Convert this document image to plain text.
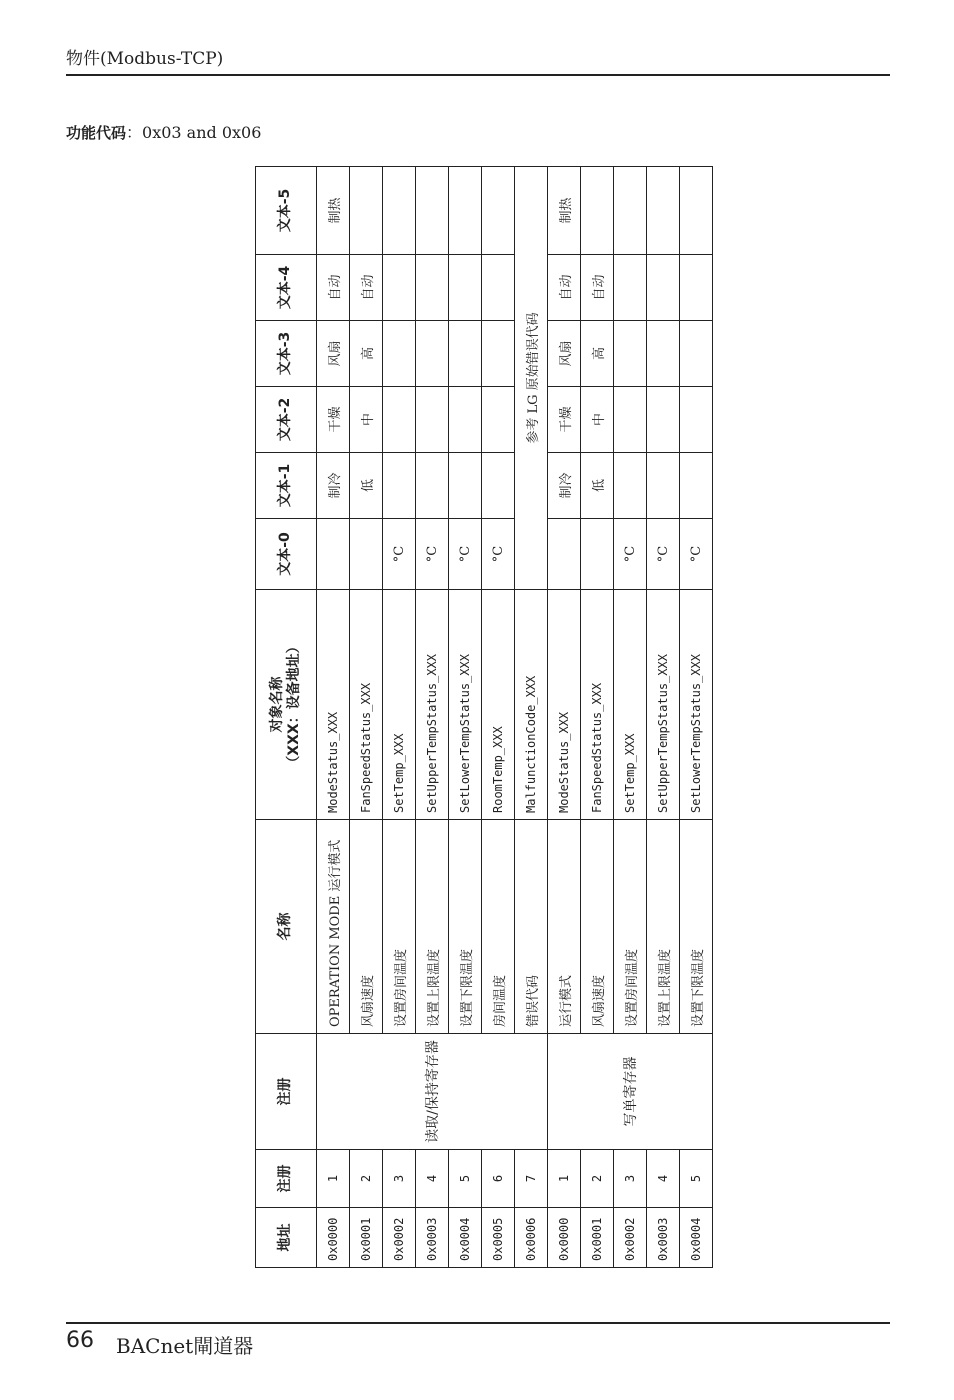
物件(Modbus-TCP)
功能代码：0x03 and 0x06
地址	注册	注册	名称	对象名称 （XXX：设备地址）	文本-0	文本-1	文本-2	文本-3	文本-4	文本-5
0x0000	1	读取/保持寄存器	OPERATION MODE 运行模式	ModeStatus_XXX		制冷	干燥	风扇	自动	制热
0x0001	2		风扇速度	FanSpeedStatus_XXX		低	中	高	自动	
0x0002	3		设置房间温度	SetTemp_XXX	°C					
0x0003	4		设置上限温度	SetUpperTempStatus_XXX	°C					
0x0004	5		设置下限温度	SetLowerTempStatus_XXX	°C					
0x0005	6		房间温度	RoomTemp_XXX	°C					
0x0006	7		错误代码	MalfunctionCode_XXX	参考 LG 原始错误代码					
0x0000	1	写单寄存器	运行模式	ModeStatus_XXX		制冷	干燥	风扇	自动	制热
0x0001	2		风扇速度	FanSpeedStatus_XXX		低	中	高	自动	
0x0002	3		设置房间温度	SetTemp_XXX	°C					
0x0003	4		设置上限温度	SetUpperTempStatus_XXX	°C					
0x0004	5		设置下限温度	SetLowerTempStatus_XXX	°C					
66 BACnet閘道器
